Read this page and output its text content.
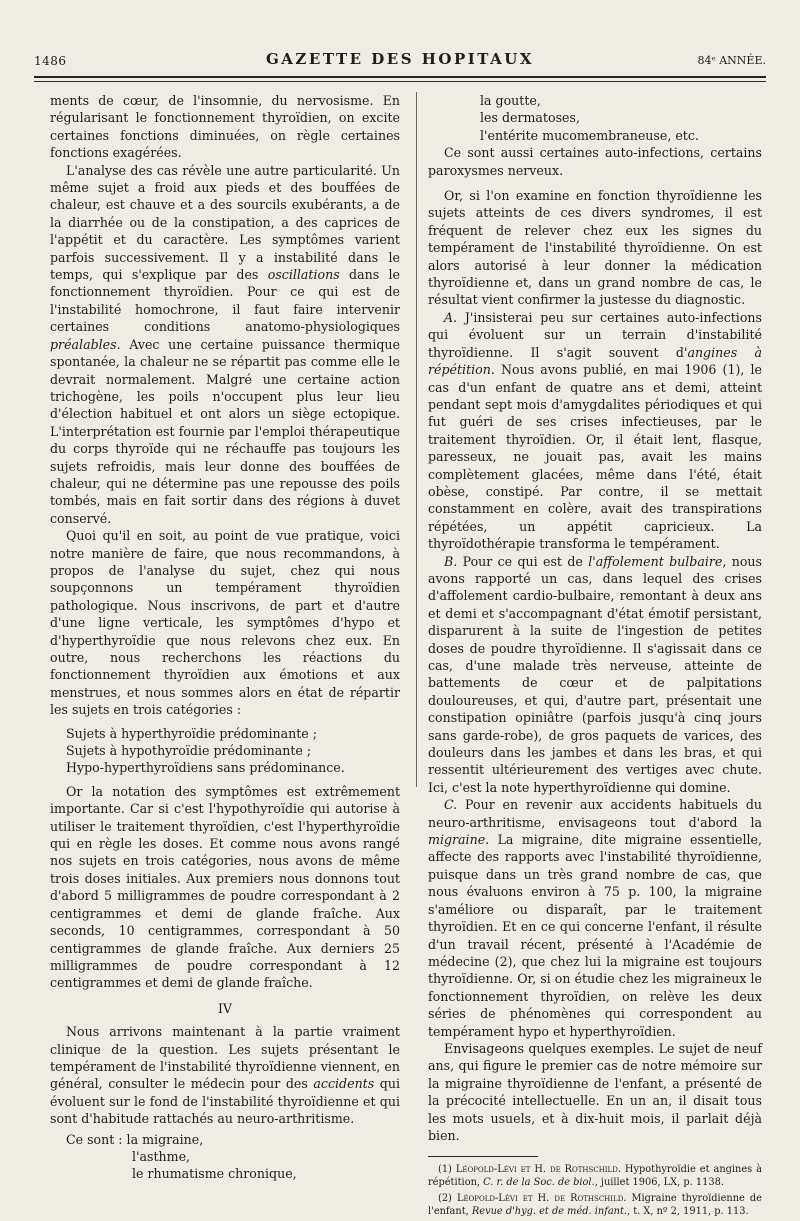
1486	GAZETTE DES HOPITAUX	84ᵉ ANNÉE.

ments de cœur, de l'insomnie, du nervosisme. En régularisant le fonctionnement thyroïdien, on excite certaines fonctions diminuées, on règle certaines fonctions exagérées.

L'analyse des cas révèle une autre particularité. Un même sujet a froid aux pieds et des bouffées de chaleur, est chauve et a des sourcils exubérants, a de la diarrhée ou de la constipation, a des caprices de l'appétit et du caractère. Les symptômes varient parfois successivement. Il y a instabilité dans le temps, qui s'explique par des oscillations dans le fonctionnement thyroïdien. Pour ce qui est de l'instabilité homochrone, il faut faire intervenir certaines conditions anatomo-physiologiques préalables. Avec une certaine puissance thermique spontanée, la chaleur ne se répartit pas comme elle le devrait normalement. Malgré une certaine action trichogène, les poils n'occupent plus leur lieu d'élection habituel et ont alors un siège ectopique. L'interprétation est fournie par l'emploi thérapeutique du corps thyroïde qui ne réchauffe pas toujours les sujets refroidis, mais leur donne des bouffées de chaleur, qui ne détermine pas une repousse des poils tombés, mais en fait sortir dans des régions à duvet conservé.

Quoi qu'il en soit, au point de vue pratique, voici notre manière de faire, que nous recommandons, à propos de l'analyse du sujet, chez qui nous soupçonnons un tempérament thyroïdien pathologique. Nous inscrivons, de part et d'autre d'une ligne verticale, les symptômes d'hypo et d'hyperthyroïdie que nous relevons chez eux. En outre, nous recherchons les réactions du fonctionnement thyroïdien aux émotions et aux menstrues, et nous sommes alors en état de répartir les sujets en trois catégories :

Sujets à hyperthyroïdie prédominante ;
Sujets à hypothyroïdie prédominante ;
Hypo-hyperthyroïdiens sans prédominance.

Or la notation des symptômes est extrêmement importante. Car si c'est l'hypothyroïdie qui autorise à utiliser le traitement thyroïdien, c'est l'hyperthyroïdie qui en règle les doses. Et comme nous avons rangé nos sujets en trois catégories, nous avons de même trois doses initiales. Aux premiers nous donnons tout d'abord 5 milligrammes de poudre correspondant à 2 centigrammes et demi de glande fraîche. Aux seconds, 10 centigrammes, correspondant à 50 centigrammes de glande fraîche. Aux derniers 25 milligrammes de poudre correspondant à 12 centigrammes et demi de glande fraîche.

IV

Nous arrivons maintenant à la partie vraiment clinique de la question. Les sujets présentant le tempérament de l'instabilité thyroïdienne viennent, en général, consulter le médecin pour des accidents qui évoluent sur le fond de l'instabilité thyroïdienne et qui sont d'habitude rattachés au neuro-arthritisme.

Ce sont : la migraine,
l'asthme,
le rhumatisme chronique,
la goutte,
les dermatoses,
l'entérite mucomembraneuse, etc.

Ce sont aussi certaines auto-infections, certains paroxysmes nerveux.

Or, si l'on examine en fonction thyroïdienne les sujets atteints de ces divers syndromes, il est fréquent de relever chez eux les signes du tempérament de l'instabilité thyroïdienne. On est alors autorisé à leur donner la médication thyroïdienne et, dans un grand nombre de cas, le résultat vient confirmer la justesse du diagnostic.

A. J'insisterai peu sur certaines auto-infections qui évoluent sur un terrain d'instabilité thyroïdienne. Il s'agit souvent d'angines à répétition. Nous avons publié, en mai 1906 (1), le cas d'un enfant de quatre ans et demi, atteint pendant sept mois d'amygdalites périodiques et qui fut guéri de ses crises infectieuses, par le traitement thyroïdien. Or, il était lent, flasque, paresseux, ne jouait pas, avait les mains complètement glacées, même dans l'été, était obèse, constipé. Par contre, il se mettait constamment en colère, avait des transpirations répétées, un appétit capricieux. La thyroïdothérapie transforma le tempérament.

B. Pour ce qui est de l'affolement bulbaire, nous avons rapporté un cas, dans lequel des crises d'affolement cardio-bulbaire, remontant à deux ans et demi et s'accompagnant d'état émotif persistant, disparurent à la suite de l'ingestion de petites doses de poudre thyroïdienne. Il s'agissait dans ce cas, d'une malade très nerveuse, atteinte de battements de cœur et de palpitations douloureuses, et qui, d'autre part, présentait une constipation opiniâtre (parfois jusqu'à cinq jours sans garde-robe), de gros paquets de varices, des douleurs dans les jambes et dans les bras, et qui ressentit ultérieurement des vertiges avec chute. Ici, c'est la note hyperthyroïdienne qui domine.

C. Pour en revenir aux accidents habituels du neuro-arthritisme, envisageons tout d'abord la migraine. La migraine, dite migraine essentielle, affecte des rapports avec l'instabilité thyroïdienne, puisque dans un très grand nombre de cas, que nous évaluons environ à 75 p. 100, la migraine s'améliore ou disparaît, par le traitement thyroïdien. Et en ce qui concerne l'enfant, il résulte d'un travail récent, présenté à l'Académie de médecine (2), que chez lui la migraine est toujours thyroïdienne. Or, si on étudie chez les migraineux le fonctionnement thyroïdien, on relève les deux séries de phénomènes qui correspondent au tempérament hypo et hyperthyroïdien.

Envisageons quelques exemples. Le sujet de neuf ans, qui figure le premier cas de notre mémoire sur la migraine thyroïdienne de l'enfant, a présenté de la précocité intellectuelle. En un an, il disait tous les mots usuels, et à dix-huit mois, il parlait déjà bien.

(1) Léopold-Lévi et H. de Rothschild. Hypothyroïdie et angines à répétition, C. r. de la Soc. de biol., juillet 1906, LX, p. 1138.

(2) Léopold-Lévi et H. de Rothschild. Migraine thyroïdienne de l'enfant, Revue d'hyg. et de méd. infant., t. X, nº 2, 1911, p. 113.
